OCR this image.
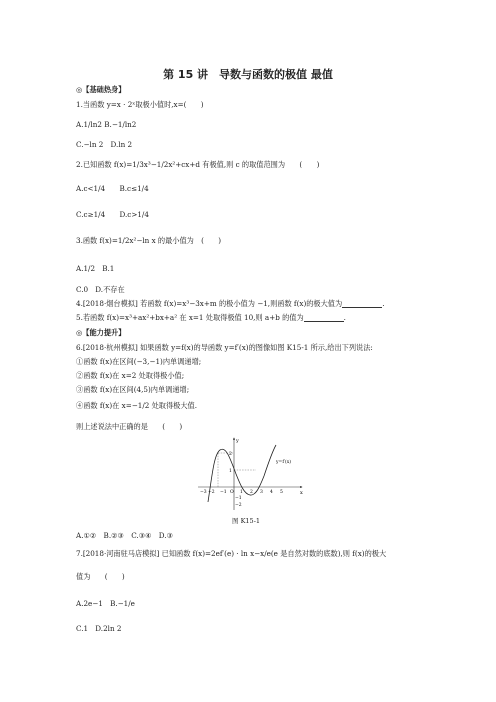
第 15 讲　导数与函数的极值 最值
◎【基础热身】
1.当函数 y=x · 2ˣ取极小值时,x=(　　)
A.1/ln2 B.−1/ln2
C.−ln 2　D.ln 2
2.已知函数 f(x)=1/3x³−1/2x²+cx+d 有极值,则 c 的取值范围为　　(　　)
A.c<1/4　　B.c≤1/4
C.c≥1/4　　D.c>1/4
3.函数 f(x)=1/2x²−ln x 的最小值为　(　　)
A.1/2　B.1
C.0　D.不存在
4.[2018·烟台模拟] 若函数 f(x)=x³−3x+m 的极小值为 −1,则函数 f(x)的极大值为	.
5.若函数 f(x)=x³+ax²+bx+a² 在 x=1 处取得极值 10,则 a+b 的值为	.
◎【能力提升】
6.[2018·杭州模拟] 如果函数 y=f(x)的导函数 y=f′(x)的图像如图 K15-1 所示,给出下列说法:
①函数 f(x)在区间(−3,−1)内单调递增;
②函数 f(x)在 x=2 处取得极小值;
③函数 f(x)在区间(4,5)内单调递增;
④函数 f(x)在 x=−1/2 处取得极大值.
则上述说法中正确的是　　(　　)
x
y
O
−3 −2 −1	1 2 3 4 5
2
1
−1
−2
y=f′(x)
图 K15-1
A.①②　B.②③　C.③④　D.③
7.[2018·河南驻马店模拟] 已知函数 f(x)=2ef′(e) · ln x−x/e(e 是自然对数的底数),则 f(x)的极大
值为　　(　　)
A.2e−1　B.−1/e
C.1　D.2ln 2
